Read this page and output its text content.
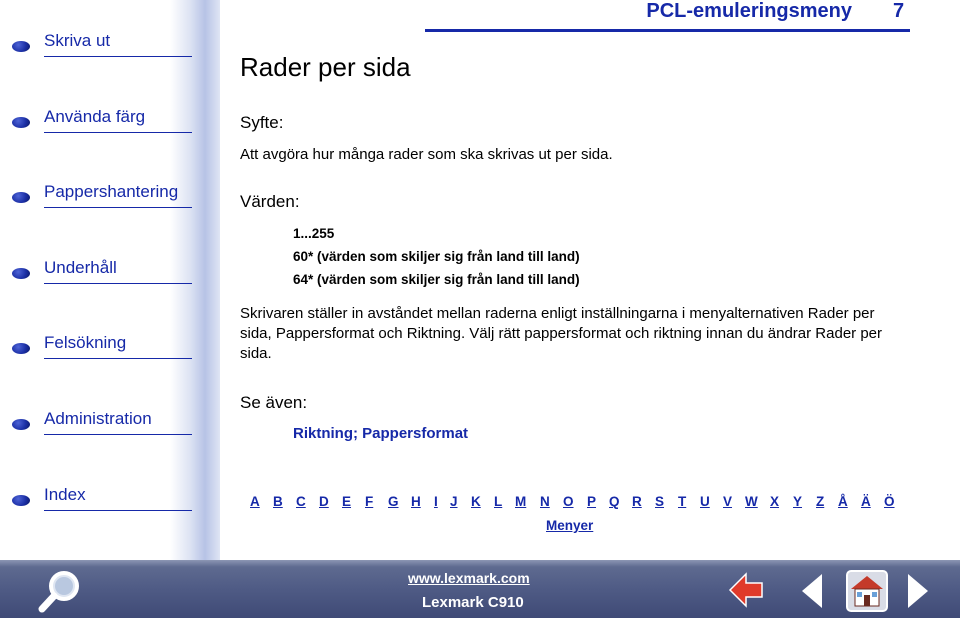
Skriva ut
Använda färg
Pappershantering
Underhåll
Felsökning
Administration
Index
PCL-emuleringsmeny 7
Rader per sida
Syfte:

Att avgöra hur många rader som ska skrivas ut per sida.

Värden:

1...255

60* (värden som skiljer sig från land till land)

64* (värden som skiljer sig från land till land)

Skrivaren ställer in avståndet mellan raderna enligt inställningarna i menyalternativen Rader per sida, Pappersformat och Riktning. Välj rätt pappersformat och riktning innan du ändrar Rader per sida.

Se även:
Riktning; Pappersformat
A B C D E F G H I J K L M N O P Q R S T U V W X Y Z Å Ä Ö
Menyer
www.lexmark.com
Lexmark C910
